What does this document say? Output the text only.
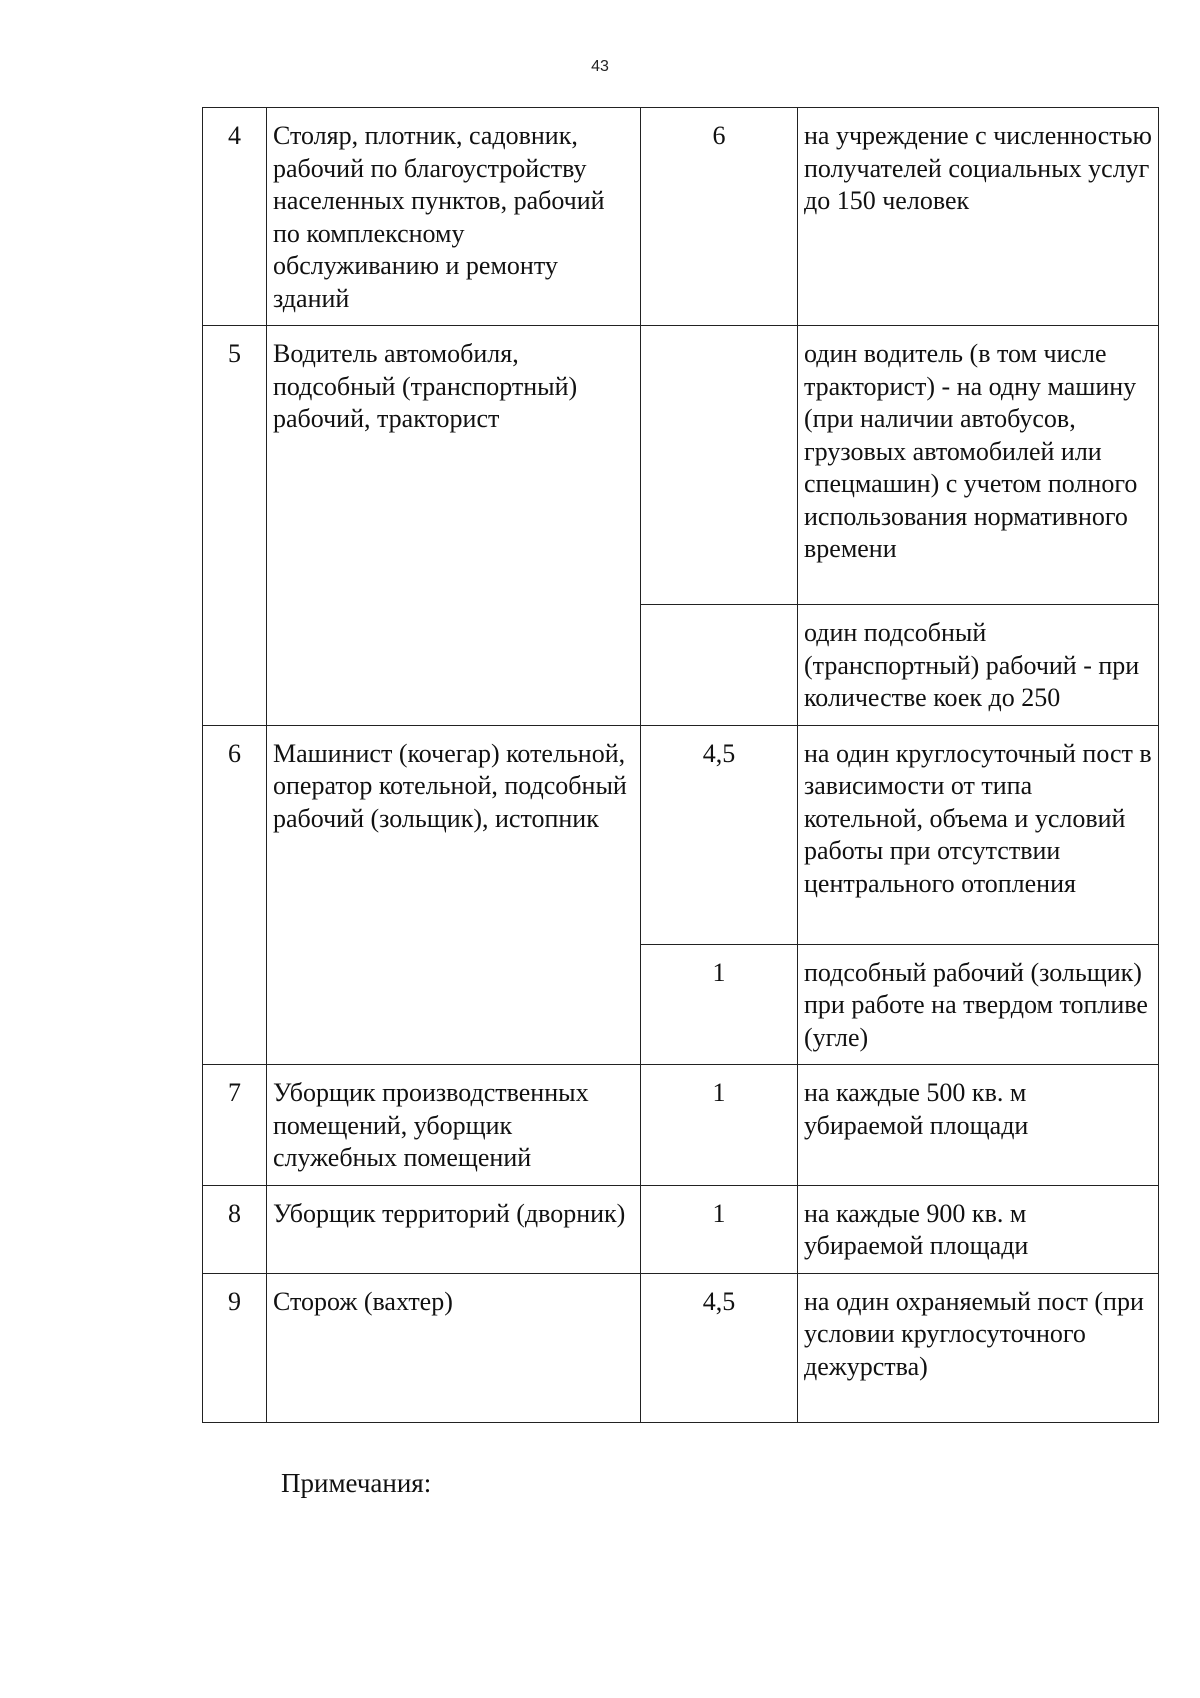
43
4	Столяр, плотник, садовник, рабочий по благоустройству населенных пунктов, рабочий по комплексному обслуживанию и ремонту зданий	6	на учреждение с численностью получателей социальных услуг до 150 человек
5	Водитель автомобиля, подсобный (транспортный) рабочий, тракторист		один водитель (в том числе тракторист) - на одну машину (при наличии автобусов, грузовых автомобилей или спецмашин) с учетом полного использования нормативного времени
			один подсобный (транспортный) рабочий - при количестве коек до 250
6	Машинист (кочегар) котельной, оператор котельной, подсобный рабочий (зольщик), истопник	4,5	на один круглосуточный пост в зависимости от типа котельной, объема и условий работы при отсутствии центрального отопления
		1	подсобный рабочий (зольщик) при работе на твердом топливе (угле)
7	Уборщик производственных помещений, уборщик служебных помещений	1	на каждые 500 кв. м убираемой площади
8	Уборщик территорий (дворник)	1	на каждые 900 кв. м убираемой площади
9	Сторож (вахтер)	4,5	на один охраняемый пост (при условии круглосуточного дежурства)
Примечания:
